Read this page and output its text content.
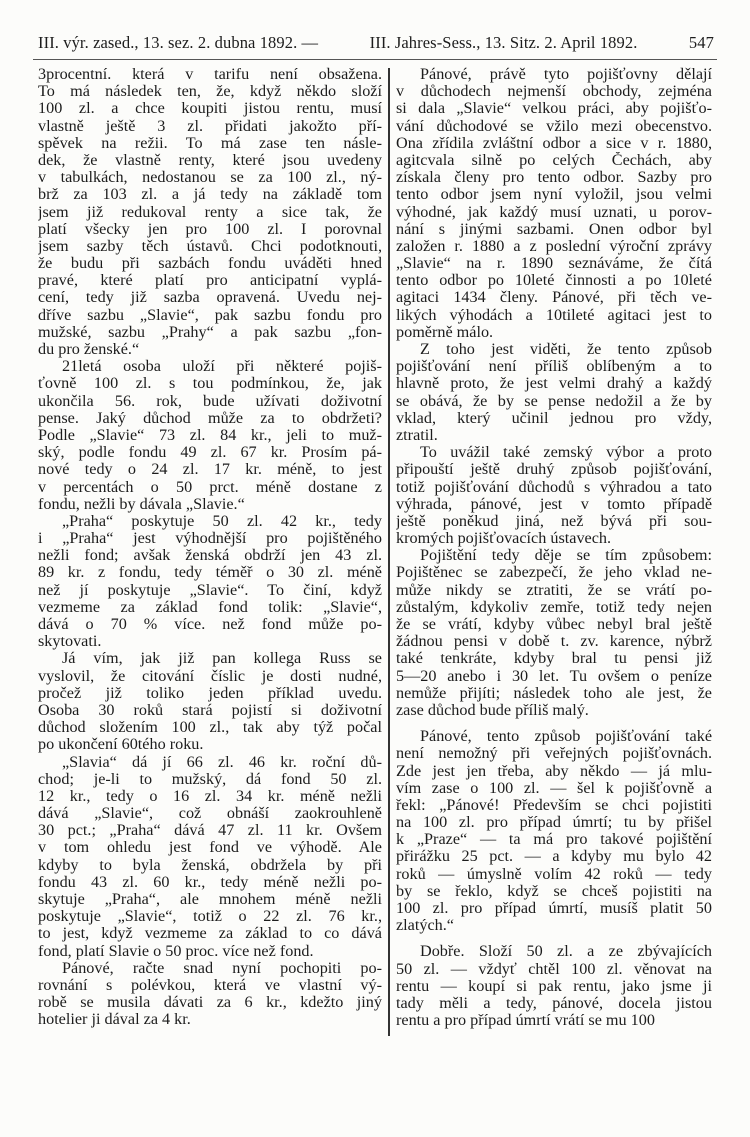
III. výr. zased., 13. sez. 2. dubna 1892. —	III. Jahres-Sess., 13. Sitz. 2. April 1892.	547
3procentní. která v tarifu není obsažena.
To má následek ten, že, když někdo složí
100 zl. a chce koupiti jistou rentu, musí
vlastně ještě 3 zl. přidati jakožto pří-
spěvek na režii. To má zase ten násle-
dek, že vlastně renty, které jsou uvedeny
v tabulkách, nedostanou se za 100 zl., ný-
brž za 103 zl. a já tedy na základě tom
jsem již redukoval renty a sice tak, že
platí všecky jen pro 100 zl. I porovnal
jsem sazby těch ústavů. Chci podotknouti,
že budu při sazbách fondu uváděti hned
pravé, které platí pro anticipatní vyplá-
cení, tedy již sazba opravená. Uvedu nej-
dříve sazbu „Slavie“, pak sazbu fondu pro
mužské, sazbu „Prahy“ a pak sazbu „fon-
du pro ženské.“
21letá osoba uloží při některé pojiš-
ťovně 100 zl. s tou podmínkou, že, jak
ukončila 56. rok, bude užívati doživotní
pense. Jaký důchod může za to obdržeti?
Podle „Slavie“ 73 zl. 84 kr., jeli to muž-
ský, podle fondu 49 zl. 67 kr. Prosím pá-
nové tedy o 24 zl. 17 kr. méně, to jest
v percentách o 50 prct. méně dostane z
fondu, nežli by dávala „Slavie.“
„Praha“ poskytuje 50 zl. 42 kr., tedy
i „Praha“ jest výhodnější pro pojištěného
nežli fond; avšak ženská obdrží jen 43 zl.
89 kr. z fondu, tedy téměř o 30 zl. méně
než jí poskytuje „Slavie“. To činí, když
vezmeme za základ fond tolik: „Slavie“,
dává o 70 % více. než fond může po-
skytovati.
Já vím, jak již pan kollega Russ se
vyslovil, že citování číslic je dosti nudné,
pročež již toliko jeden příklad uvedu.
Osoba 30 roků stará pojistí si doživotní
důchod složením 100 zl., tak aby týž počal
po ukončení 60tého roku.
„Slavia“ dá jí 66 zl. 46 kr. roční dů-
chod; je-li to mužský, dá fond 50 zl.
12 kr., tedy o 16 zl. 34 kr. méně nežli
dává „Slavie“, což obnáší zaokrouhleně
30 pct.; „Praha“ dává 47 zl. 11 kr. Ovšem
v tom ohledu jest fond ve výhodě. Ale
kdyby to byla ženská, obdržela by při
fondu 43 zl. 60 kr., tedy méně nežli po-
skytuje „Praha“, ale mnohem méně nežli
poskytuje „Slavie“, totiž o 22 zl. 76 kr.,
to jest, když vezmeme za základ to co dává
fond, platí Slavie o 50 proc. více než fond.
Pánové, račte snad nyní pochopiti po-
rovnání s polévkou, která ve vlastní vý-
robě se musila dávati za 6 kr., kdežto jiný
hotelier ji dával za 4 kr.
Pánové, právě tyto pojišťovny dělají
v důchodech nejmenší obchody, zejména
si dala „Slavie“ velkou práci, aby pojišťo-
vání důchodové se vžilo mezi obecenstvo.
Ona zřídila zvláštní odbor a sice v r. 1880,
agitcvala silně po celých Čechách, aby
získala členy pro tento odbor. Sazby pro
tento odbor jsem nyní vyložil, jsou velmi
výhodné, jak každý musí uznati, u porov-
nání s jinými sazbami. Onen odbor byl
založen r. 1880 a z poslední výroční zprávy
„Slavie“ na r. 1890 seznáváme, že čítá
tento odbor po 10leté činnosti a po 10leté
agitaci 1434 členy. Pánové, při těch ve-
likých výhodách a 10tileté agitaci jest to
poměrně málo.
Z toho jest viděti, že tento způsob
pojišťování není příliš oblíbeným a to
hlavně proto, že jest velmi drahý a každý
se obává, že by se pense nedožil a že by
vklad, který učinil jednou pro vždy,
ztratil.
To uvážil také zemský výbor a proto
připouští ještě druhý způsob pojišťování,
totiž pojišťování důchodů s výhradou a tato
výhrada, pánové, jest v tomto případě
ještě poněkud jiná, než bývá při sou-
kromých pojišťovacích ústavech.
Pojištění tedy děje se tím způsobem:
Pojištěnec se zabezpečí, že jeho vklad ne-
může nikdy se ztratiti, že se vrátí po-
zůstalým, kdykoliv zemře, totiž tedy nejen
že se vrátí, kdyby vůbec nebyl bral ještě
žádnou pensi v době t. zv. karence, nýbrž
také tenkráte, kdyby bral tu pensi již
5—20 anebo i 30 let. Tu ovšem o peníze
nemůže přijíti; následek toho ale jest, že
zase důchod bude příliš malý.
Pánové, tento způsob pojišťování také
není nemožný při veřejných pojišťovnách.
Zde jest jen třeba, aby někdo — já mlu-
vím zase o 100 zl. — šel k pojišťovně a
řekl: „Pánové! Především se chci pojistiti
na 100 zl. pro případ úmrtí; tu by přišel
k „Praze“ — ta má pro takové pojištění
přirážku 25 pct. — a kdyby mu bylo 42
roků — úmyslně volím 42 roků — tedy
by se řeklo, když se chceš pojistiti na
100 zl. pro případ úmrtí, musíš platit 50
zlatých.“
Dobře. Složí 50 zl. a ze zbývajících
50 zl. — vždyť chtěl 100 zl. věnovat na
rentu — koupí si pak rentu, jako jsme ji
tady měli a tedy, pánové, docela jistou
rentu a pro případ úmrtí vrátí se mu 100
